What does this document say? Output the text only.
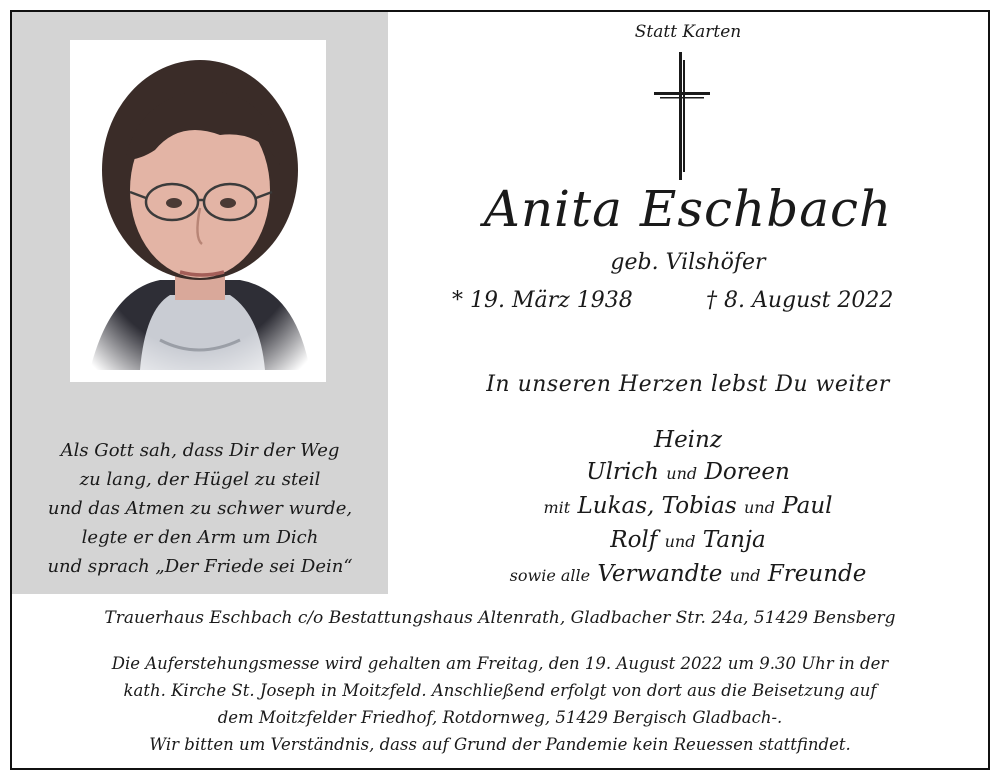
Als Gott sah, dass Dir der Weg
zu lang, der Hügel zu steil
und das Atmen zu schwer wurde,
legte er den Arm um Dich
und sprach „Der Friede sei Dein“
Statt Karten
Anita Eschbach
geb. Vilshöfer
* 19. März 1938	† 8. August 2022
In unseren Herzen lebst Du weiter
Heinz
Ulrich und Doreen
mit Lukas, Tobias und Paul
Rolf und Tanja
sowie alle Verwandte und Freunde
Trauerhaus Eschbach c/o Bestattungshaus Altenrath, Gladbacher Str. 24a, 51429 Bensberg
Die Auferstehungsmesse wird gehalten am Freitag, den 19. August 2022 um 9.30 Uhr in der
kath. Kirche St. Joseph in Moitzfeld. Anschließend erfolgt von dort aus die Beisetzung auf
dem Moitzfelder Friedhof, Rotdornweg, 51429 Bergisch Gladbach-.
Wir bitten um Verständnis, dass auf Grund der Pandemie kein Reuessen stattfindet.
